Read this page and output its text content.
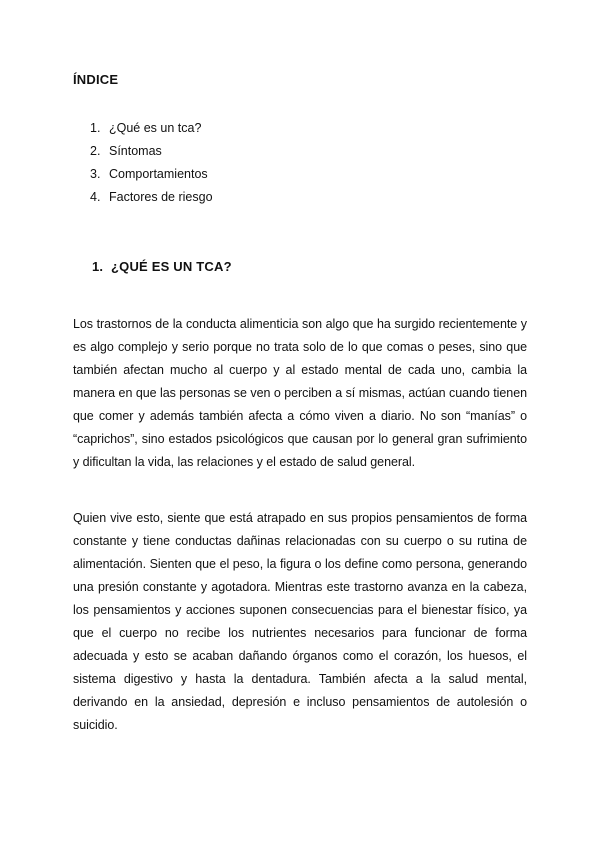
ÍNDICE
1. ¿Qué es un tca?
2. Síntomas
3. Comportamientos
4. Factores de riesgo
1. ¿QUÉ ES UN TCA?

Los trastornos de la conducta alimenticia son algo que ha surgido recientemente y es algo complejo y serio porque no trata solo de lo que comas o peses, sino que también afectan mucho al cuerpo y al estado mental de cada uno, cambia la manera en que las personas se ven o perciben a sí mismas, actúan cuando tienen que comer y además también afecta a cómo viven a diario. No son “manías” o “caprichos”, sino estados psicológicos que causan por lo general gran sufrimiento y dificultan la vida, las relaciones y el estado de salud general.

Quien vive esto, siente que está atrapado en sus propios pensamientos de forma constante y tiene conductas dañinas relacionadas con su cuerpo o su rutina de alimentación. Sienten que el peso, la figura o los define como persona, generando una presión constante y agotadora. Mientras este trastorno avanza en la cabeza, los pensamientos y acciones suponen consecuencias para el bienestar físico, ya que el cuerpo no recibe los nutrientes necesarios para funcionar de forma adecuada y esto se acaban dañando órganos como el corazón, los huesos, el sistema digestivo y hasta la dentadura. También afecta a la salud mental, derivando en la ansiedad, depresión e incluso pensamientos de autolesión o suicidio.
